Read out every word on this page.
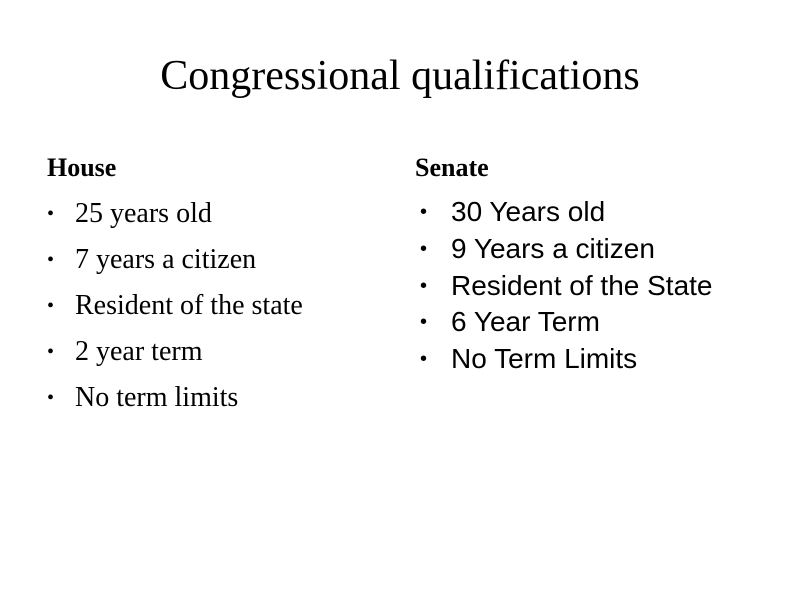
Congressional qualifications
House
• 25 years old
• 7 years a citizen
• Resident of the state
• 2 year term
• No term limits
Senate
• 30 Years old
• 9 Years a citizen
• Resident of the State
• 6 Year Term
• No Term Limits
